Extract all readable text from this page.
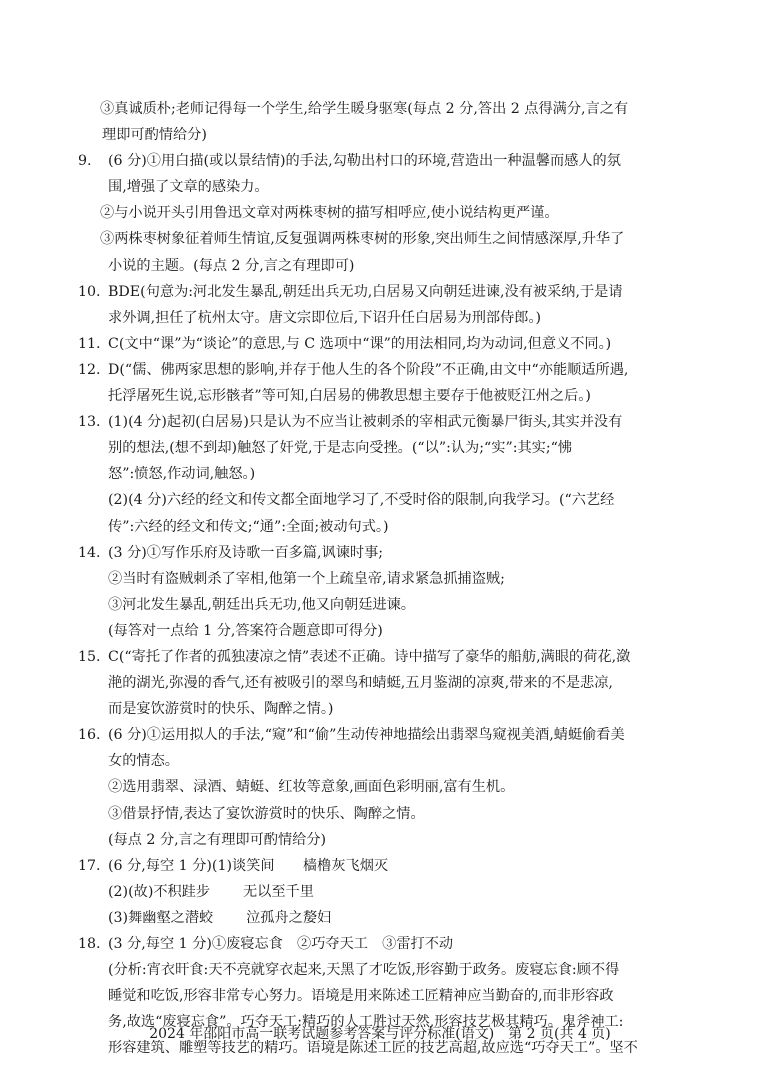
③真诚质朴;老师记得每一个学生,给学生暖身驱寒(每点 2 分,答出 2 点得满分,言之有
理即可酌情给分)
9.	(6 分)①用白描(或以景结情)的手法,勾勒出村口的环境,营造出一种温馨而感人的氛
围,增强了文章的感染力。
②与小说开头引用鲁迅文章对两株枣树的描写相呼应,使小说结构更严谨。
③两株枣树象征着师生情谊,反复强调两株枣树的形象,突出师生之间情感深厚,升华了
小说的主题。(每点 2 分,言之有理即可)
10. BDE(句意为:河北发生暴乱,朝廷出兵无功,白居易又向朝廷进谏,没有被采纳,于是请
求外调,担任了杭州太守。唐文宗即位后,下诏升任白居易为刑部侍郎。)
11. C(文中“课”为“谈论”的意思,与 C 选项中“课”的用法相同,均为动词,但意义不同。)
12. D(“儒、佛两家思想的影响,并存于他人生的各个阶段”不正确,由文中“亦能顺适所遇,
托浮屠死生说,忘形骸者”等可知,白居易的佛教思想主要存于他被贬江州之后。)
13. (1)(4 分)起初(白居易)只是认为不应当让被刺杀的宰相武元衡暴尸街头,其实并没有
别的想法,(想不到却)触怒了奸党,于是志向受挫。(“以”:认为;“实”:其实;“怫
怒”:愤怒,作动词,触怒。)
(2)(4 分)六经的经文和传文都全面地学习了,不受时俗的限制,向我学习。(“六艺经
传”:六经的经文和传文;“通”:全面;被动句式。)
14. (3 分)①写作乐府及诗歌一百多篇,讽谏时事;
②当时有盗贼刺杀了宰相,他第一个上疏皇帝,请求紧急抓捕盗贼;
③河北发生暴乱,朝廷出兵无功,他又向朝廷进谏。
(每答对一点给 1 分,答案符合题意即可得分)
15. C(“寄托了作者的孤独凄凉之情”表述不正确。诗中描写了豪华的船舫,满眼的荷花,潋
滟的湖光,弥漫的香气,还有被吸引的翠鸟和蜻蜓,五月鉴湖的凉爽,带来的不是悲凉,
而是宴饮游赏时的快乐、陶醉之情。)
16. (6 分)①运用拟人的手法,“窥”和“偷”生动传神地描绘出翡翠鸟窥视美酒,蜻蜓偷看美
女的情态。
②选用翡翠、渌酒、蜻蜓、红妆等意象,画面色彩明丽,富有生机。
③借景抒情,表达了宴饮游赏时的快乐、陶醉之情。
(每点 2 分,言之有理即可酌情给分)
17. (6 分,每空 1 分)(1)谈笑间　　樯橹灰飞烟灭
(2)(故)不积跬步　　 无以至千里
(3)舞幽壑之潜蛟　　 泣孤舟之嫠妇
18. (3 分,每空 1 分)①废寝忘食　②巧夺天工　③雷打不动
(分析:宵衣旰食:天不亮就穿衣起来,天黑了才吃饭,形容勤于政务。废寝忘食:顾不得
睡觉和吃饭,形容非常专心努力。语境是用来陈述工匠精神应当勤奋的,而非形容政
务,故选“废寝忘食”。巧夺天工:精巧的人工胜过天然,形容技艺极其精巧。鬼斧神工:
形容建筑、雕塑等技艺的精巧。语境是陈述工匠的技艺高超,故应选“巧夺天工”。坚不
2024 年邵阳市高一联考试题参考答案与评分标准(语文)　第 2 页(共 4 页)
